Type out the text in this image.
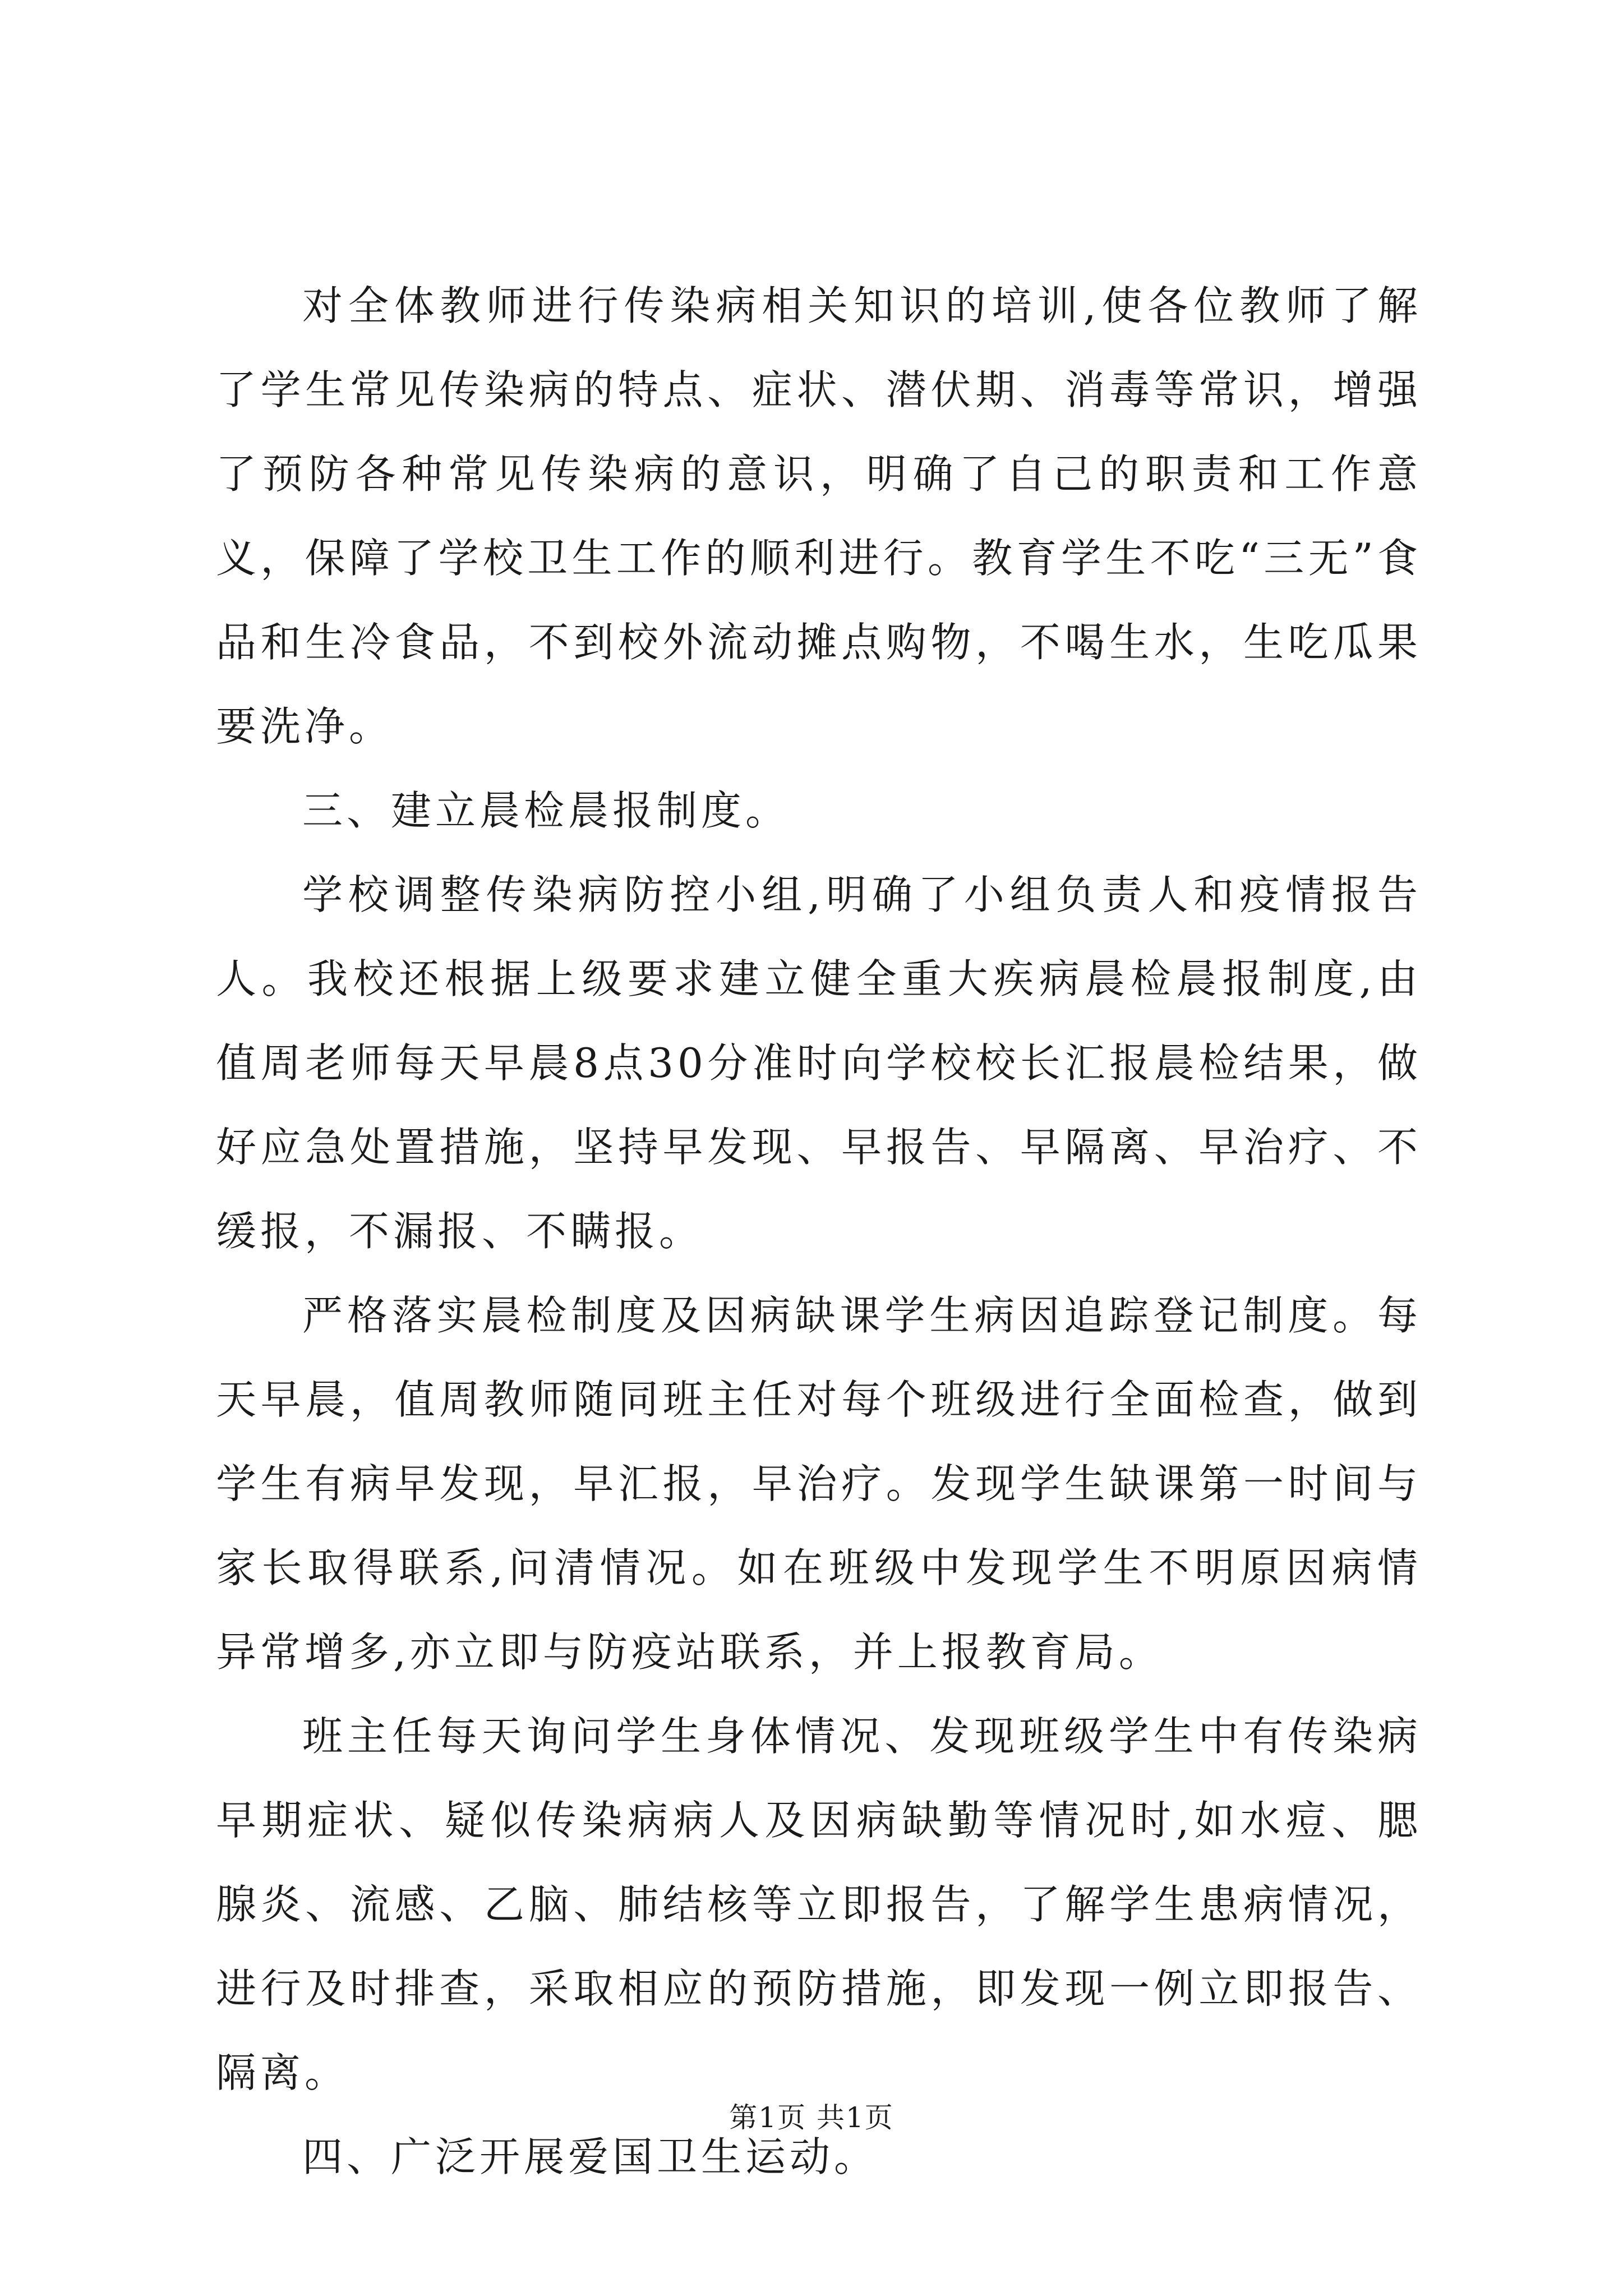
对全体教师进行传染病相关知识的培训,使各位教师了解了学生常见传染病的特点、症状、潜伏期、消毒等常识，增强了预防各种常见传染病的意识，明确了自己的职责和工作意义，保障了学校卫生工作的顺利进行。教育学生不吃“三无”食品和生冷食品，不到校外流动摊点购物，不喝生水，生吃瓜果要洗净。

三、建立晨检晨报制度。

学校调整传染病防控小组,明确了小组负责人和疫情报告人。我校还根据上级要求建立健全重大疾病晨检晨报制度,由值周老师每天早晨8点30分准时向学校校长汇报晨检结果，做好应急处置措施，坚持早发现、早报告、早隔离、早治疗、不缓报，不漏报、不瞒报。

严格落实晨检制度及因病缺课学生病因追踪登记制度。每天早晨，值周教师随同班主任对每个班级进行全面检查，做到学生有病早发现，早汇报，早治疗。发现学生缺课第一时间与家长取得联系,问清情况。如在班级中发现学生不明原因病情异常增多,亦立即与防疫站联系，并上报教育局。

班主任每天询问学生身体情况、发现班级学生中有传染病早期症状、疑似传染病病人及因病缺勤等情况时,如水痘、腮腺炎、流感、乙脑、肺结核等立即报告，了解学生患病情况，进行及时排查，采取相应的预防措施，即发现一例立即报告、隔离。

四、广泛开展爱国卫生运动。

第1页 共1页
